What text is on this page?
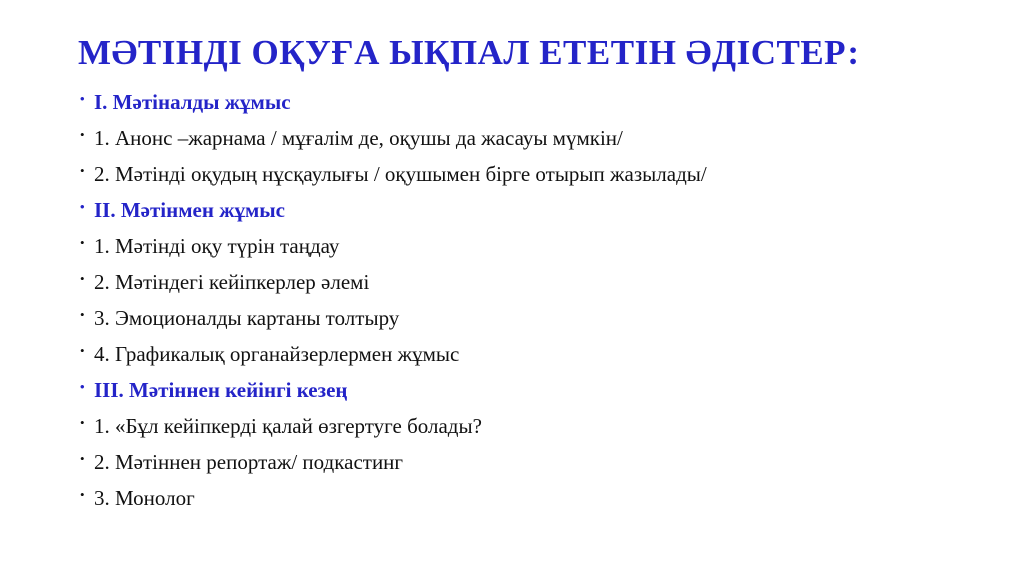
МӘТІНДІ ОҚУҒА ЫҚПАЛ ЕТЕТІН ӘДІСТЕР:
• I. Мәтіналды жұмыс
• 1. Анонс –жарнама / мұғалім де, оқушы да жасауы мүмкін/
• 2. Мәтінді оқудың нұсқаулығы / оқушымен бірге отырып жазылады/
• II. Мәтінмен жұмыс
• 1. Мәтінді оқу түрін таңдау
• 2. Мәтіндегі кейіпкерлер әлемі
• 3. Эмоционалды картаны толтыру
• 4. Графикалық органайзерлермен жұмыс
• III. Мәтіннен кейінгі кезең
• 1. «Бұл кейіпкерді қалай өзгертуге болады?
• 2. Мәтіннен репортаж/ подкастинг
• 3. Монолог
